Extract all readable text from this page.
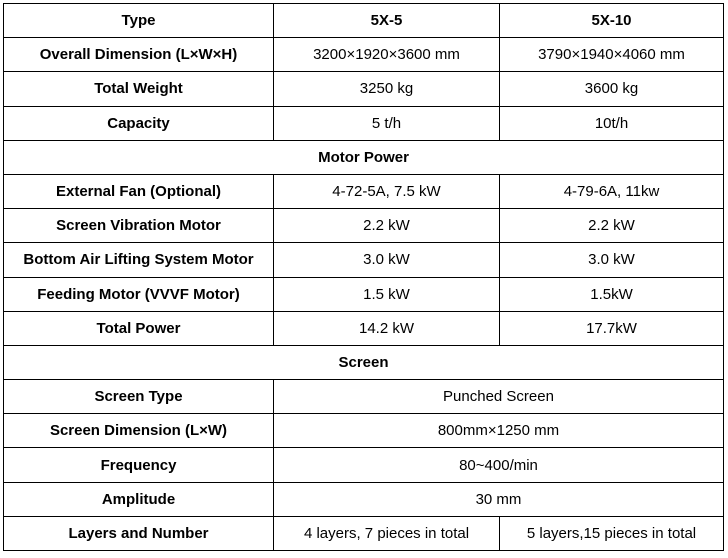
Type	5X-5	5X-10
Overall Dimension (L×W×H)	3200×1920×3600 mm	3790×1940×4060 mm
Total Weight	3250 kg	3600 kg
Capacity	5 t/h	10t/h
Motor Power		
External Fan (Optional)	4-72-5A, 7.5 kW	4-79-6A, 11kw
Screen Vibration Motor	2.2 kW	2.2 kW
Bottom Air Lifting System Motor	3.0 kW	3.0 kW
Feeding Motor (VVVF Motor)	1.5 kW	1.5kW
Total Power	14.2 kW	17.7kW
Screen		
Screen Type	Punched Screen	
Screen Dimension (L×W)	800mm×1250 mm	
Frequency	80~400/min	
Amplitude	30 mm	
Layers and Number	4 layers, 7 pieces in total	5 layers,15 pieces in total
